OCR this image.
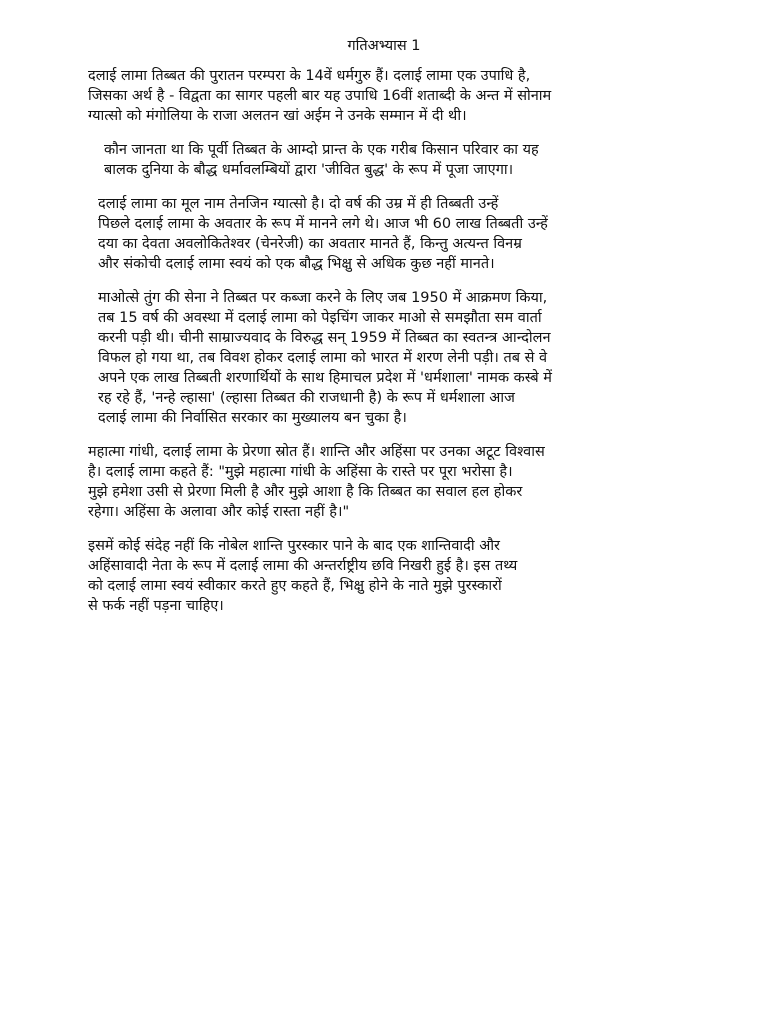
गतिअभ्यास 1
दलाई लामा तिब्बत की पुरातन परम्परा के 14वें धर्मगुरु हैं। दलाई लामा एक उपाधि है,
जिसका अर्थ है - विद्वता का सागर पहली बार यह उपाधि 16वीं शताब्दी के अन्त में सोनाम
ग्यात्सो को मंगोलिया के राजा अलतन खां अईम ने उनके सम्मान में दी थी।
कौन जानता था कि पूर्वी तिब्बत के आम्दो प्रान्त के एक गरीब किसान परिवार का यह
बालक दुनिया के बौद्ध धर्मावलम्बियों द्वारा 'जीवित बुद्ध' के रूप में पूजा जाएगा।
दलाई लामा का मूल नाम तेनजिन ग्यात्सो है। दो वर्ष की उम्र में ही तिब्बती उन्हें
पिछले दलाई लामा के अवतार के रूप में मानने लगे थे। आज भी 60 लाख तिब्बती उन्हें
दया का देवता अवलोकितेश्वर (चेनरेजी) का अवतार मानते हैं, किन्तु अत्यन्त विनम्र
और संकोची दलाई लामा स्वयं को एक बौद्ध भिक्षु से अधिक कुछ नहीं मानते।
माओत्से तुंग की सेना ने तिब्बत पर कब्जा करने के लिए जब 1950 में आक्रमण किया,
तब 15 वर्ष की अवस्था में दलाई लामा को पेइचिंग जाकर माओ से समझौता सम वार्ता
करनी पड़ी थी। चीनी साम्राज्यवाद के विरुद्ध सन् 1959 में तिब्बत का स्वतन्त्र आन्दोलन
विफल हो गया था, तब विवश होकर दलाई लामा को भारत में शरण लेनी पड़ी। तब से वे
अपने एक लाख तिब्बती शरणार्थियों के साथ हिमाचल प्रदेश में 'धर्मशाला' नामक कस्बे में
रह रहे हैं, 'नन्हे ल्हासा' (ल्हासा तिब्बत की राजधानी है) के रूप में धर्मशाला आज
दलाई लामा की निर्वासित सरकार का मुख्यालय बन चुका है।
महात्मा गांधी, दलाई लामा के प्रेरणा स्रोत हैं। शान्ति और अहिंसा पर उनका अटूट विश्वास
है। दलाई लामा कहते हैं: "मुझे महात्मा गांधी के अहिंसा के रास्ते पर पूरा भरोसा है।
मुझे हमेशा उसी से प्रेरणा मिली है और मुझे आशा है कि तिब्बत का सवाल हल होकर
रहेगा। अहिंसा के अलावा और कोई रास्ता नहीं है।"
इसमें कोई संदेह नहीं कि नोबेल शान्ति पुरस्कार पाने के बाद एक शान्तिवादी और
अहिंसावादी नेता के रूप में दलाई लामा की अन्तर्राष्ट्रीय छवि निखरी हुई है। इस तथ्य
को दलाई लामा स्वयं स्वीकार करते हुए कहते हैं, भिक्षु होने के नाते मुझे पुरस्कारों
से फर्क नहीं पड़ना चाहिए।
